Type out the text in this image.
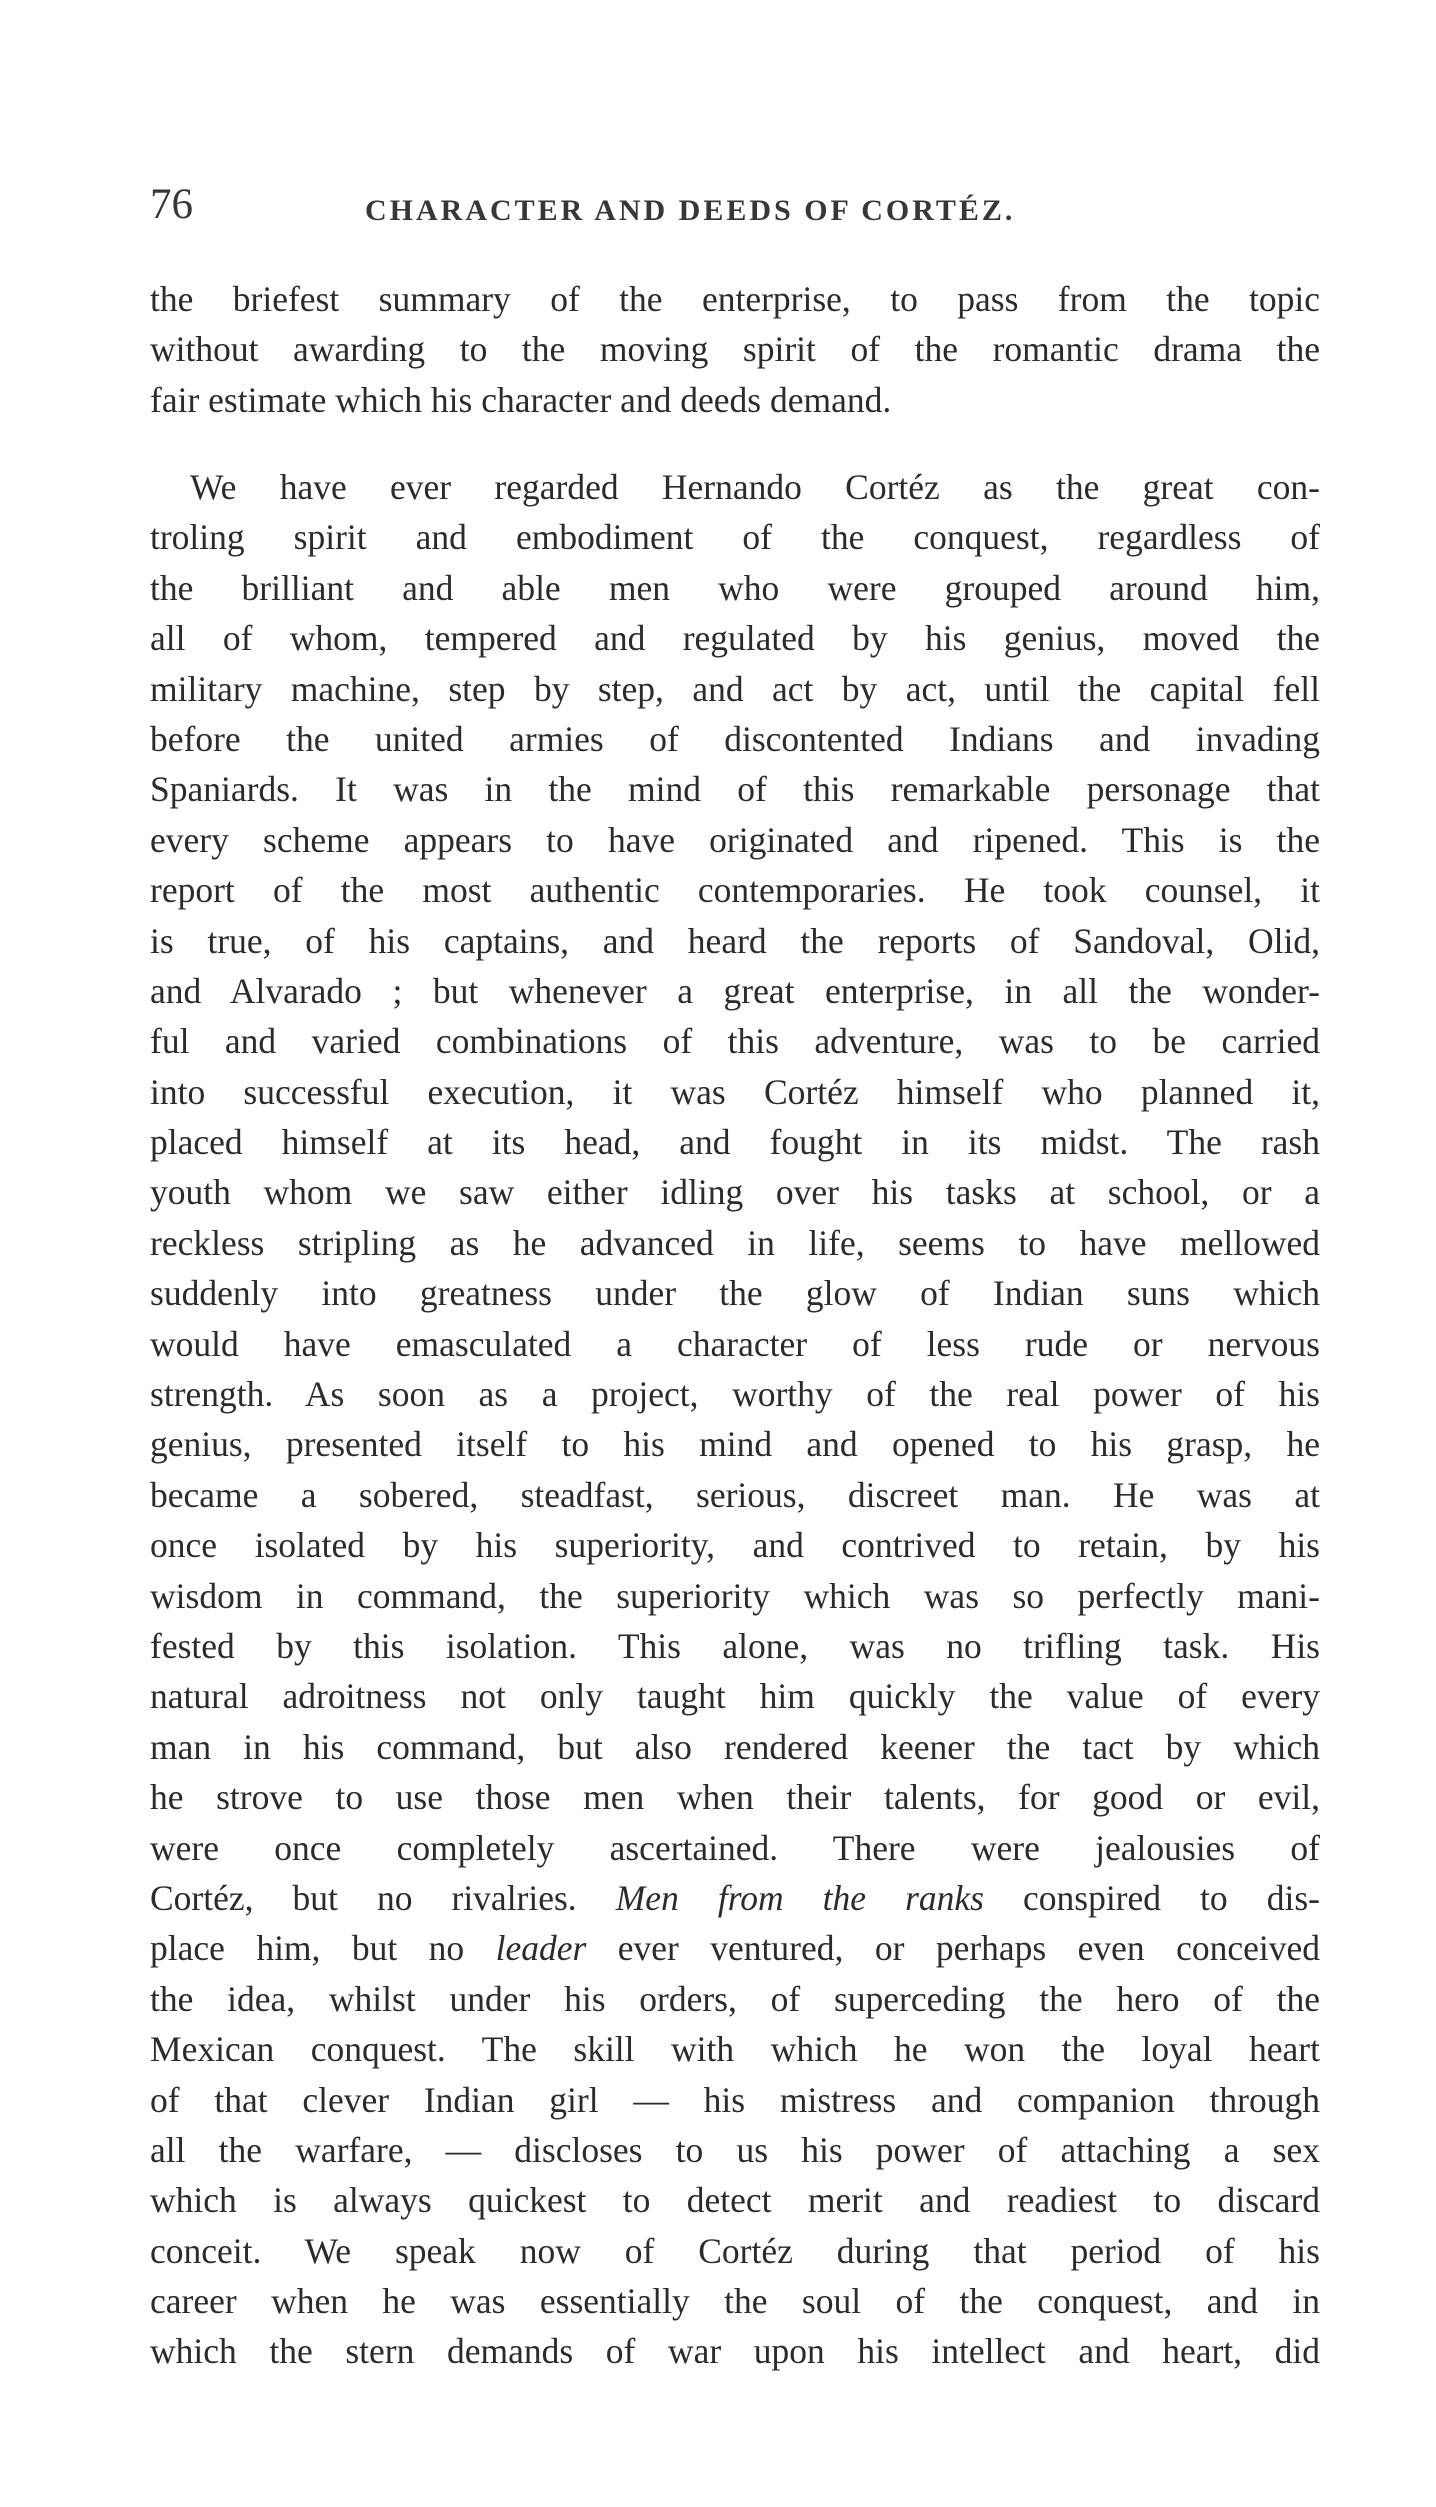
76	CHARACTER AND DEEDS OF CORTÉZ.
the briefest summary of the enterprise, to pass from the topic
without awarding to the moving spirit of the romantic drama the
fair estimate which his character and deeds demand.
We have ever regarded Hernando Cortéz as the great con-
troling spirit and embodiment of the conquest, regardless of
the brilliant and able men who were grouped around him,
all of whom, tempered and regulated by his genius, moved the
military machine, step by step, and act by act, until the capital fell
before the united armies of discontented Indians and invading
Spaniards. It was in the mind of this remarkable personage that
every scheme appears to have originated and ripened. This is the
report of the most authentic contemporaries. He took counsel, it
is true, of his captains, and heard the reports of Sandoval, Olid,
and Alvarado ; but whenever a great enterprise, in all the wonder-
ful and varied combinations of this adventure, was to be carried
into successful execution, it was Cortéz himself who planned it,
placed himself at its head, and fought in its midst. The rash
youth whom we saw either idling over his tasks at school, or a
reckless stripling as he advanced in life, seems to have mellowed
suddenly into greatness under the glow of Indian suns which
would have emasculated a character of less rude or nervous
strength. As soon as a project, worthy of the real power of his
genius, presented itself to his mind and opened to his grasp, he
became a sobered, steadfast, serious, discreet man. He was at
once isolated by his superiority, and contrived to retain, by his
wisdom in command, the superiority which was so perfectly mani-
fested by this isolation. This alone, was no trifling task. His
natural adroitness not only taught him quickly the value of every
man in his command, but also rendered keener the tact by which
he strove to use those men when their talents, for good or evil,
were once completely ascertained. There were jealousies of
Cortéz, but no rivalries. Men from the ranks conspired to dis-
place him, but no leader ever ventured, or perhaps even conceived
the idea, whilst under his orders, of superceding the hero of the
Mexican conquest. The skill with which he won the loyal heart
of that clever Indian girl — his mistress and companion through
all the warfare, — discloses to us his power of attaching a sex
which is always quickest to detect merit and readiest to discard
conceit. We speak now of Cortéz during that period of his
career when he was essentially the soul of the conquest, and in
which the stern demands of war upon his intellect and heart, did
